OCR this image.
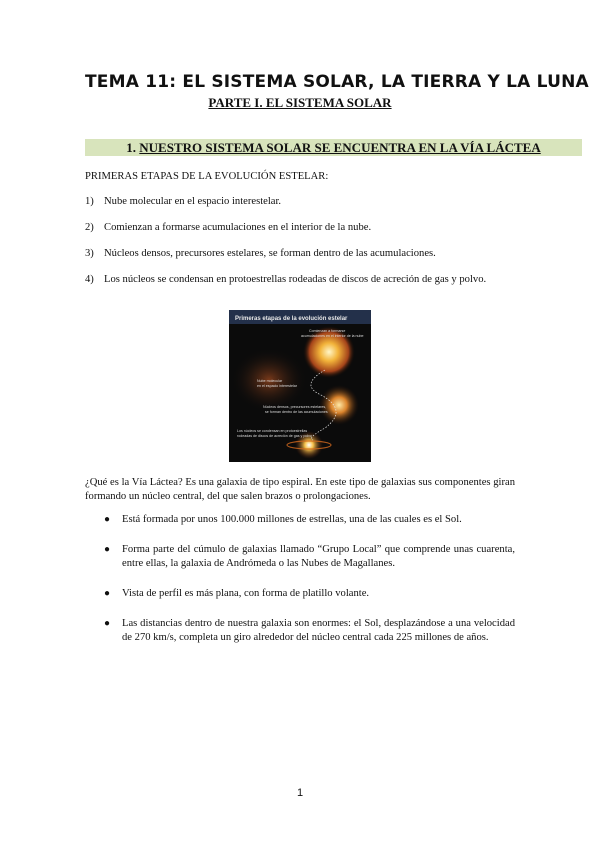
TEMA 11: EL SISTEMA SOLAR, LA TIERRA Y LA LUNA
PARTE I. EL SISTEMA SOLAR
1. NUESTRO SISTEMA SOLAR SE ENCUENTRA EN LA VÍA LÁCTEA
PRIMERAS ETAPAS DE LA EVOLUCIÓN ESTELAR:
1) Nube molecular en el espacio interestelar.
2) Comienzan a formarse acumulaciones en el interior de la nube.
3) Núcleos densos, precursores estelares, se forman dentro de las acumulaciones.
4) Los núcleos se condensan en protoestrellas rodeadas de discos de acreción de gas y polvo.
Primeras etapas de la evolución estelar
Comienzan a formarse
acumulaciones en el interior de la nube
Nube molecular
en el espacio interestelar
Núcleos densos, precursores estelares,
se forman dentro de las acumulaciones
Los núcleos se condensan en protoestrellas
rodeadas de discos de acreción de gas y polvo
¿Qué es la Vía Láctea? Es una galaxia de tipo espiral. En este tipo de galaxias sus componentes giran formando un núcleo central, del que salen brazos o prolongaciones.
● Está formada por unos 100.000 millones de estrellas, una de las cuales es el Sol.
● Forma parte del cúmulo de galaxias llamado “Grupo Local” que comprende unas cuarenta, entre ellas, la galaxia de Andrómeda o las Nubes de Magallanes.
● Vista de perfil es más plana, con forma de platillo volante.
● Las distancias dentro de nuestra galaxia son enormes: el Sol, desplazándose a una velocidad de 270 km/s, completa un giro alrededor del núcleo central cada 225 millones de años.
1
